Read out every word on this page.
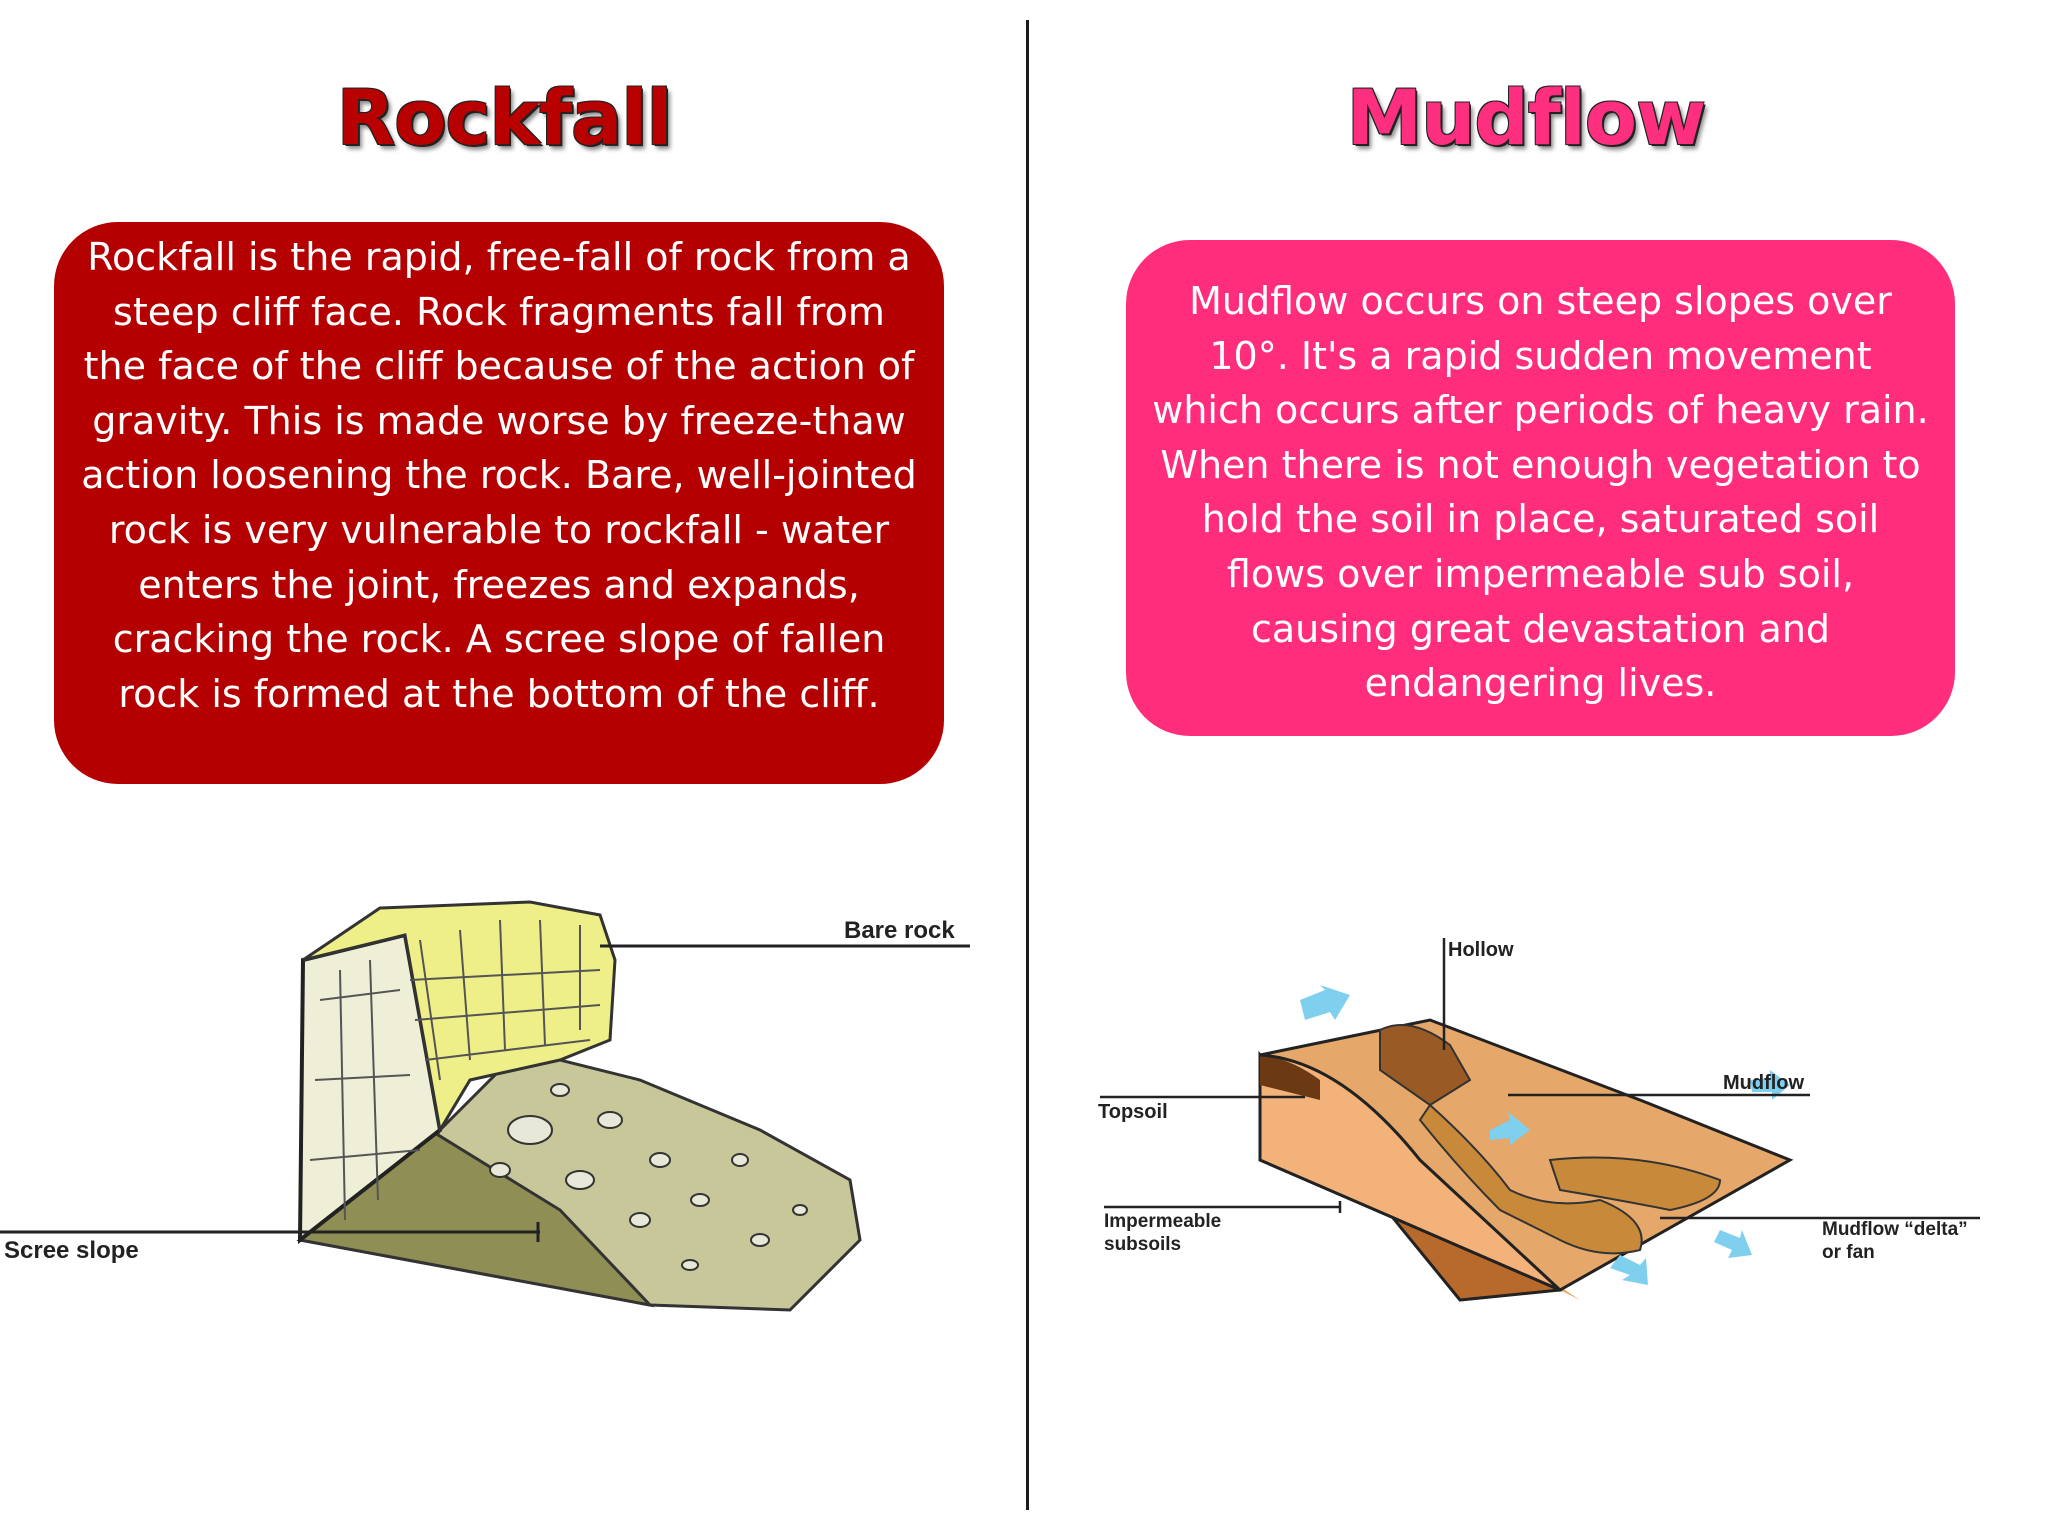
Rockfall	Mudflow
Rockfall is the rapid, free-fall of rock from a steep cliff face. Rock fragments fall from the face of the cliff because of the action of gravity. This is made worse by freeze-thaw action loosening the rock. Bare, well-jointed rock is very vulnerable to rockfall - water enters the joint, freezes and expands, cracking the rock. A scree slope of fallen rock is formed at the bottom of the cliff.
Mudflow occurs on steep slopes over 10°. It's a rapid sudden movement which occurs after periods of heavy rain. When there is not enough vegetation to hold the soil in place, saturated soil flows over impermeable sub soil, causing great devastation and endangering lives.
Bare rock
Scree slope
Hollow
Mudflow
Topsoil
Impermeable
subsoils
Mudflow “delta”
or fan
